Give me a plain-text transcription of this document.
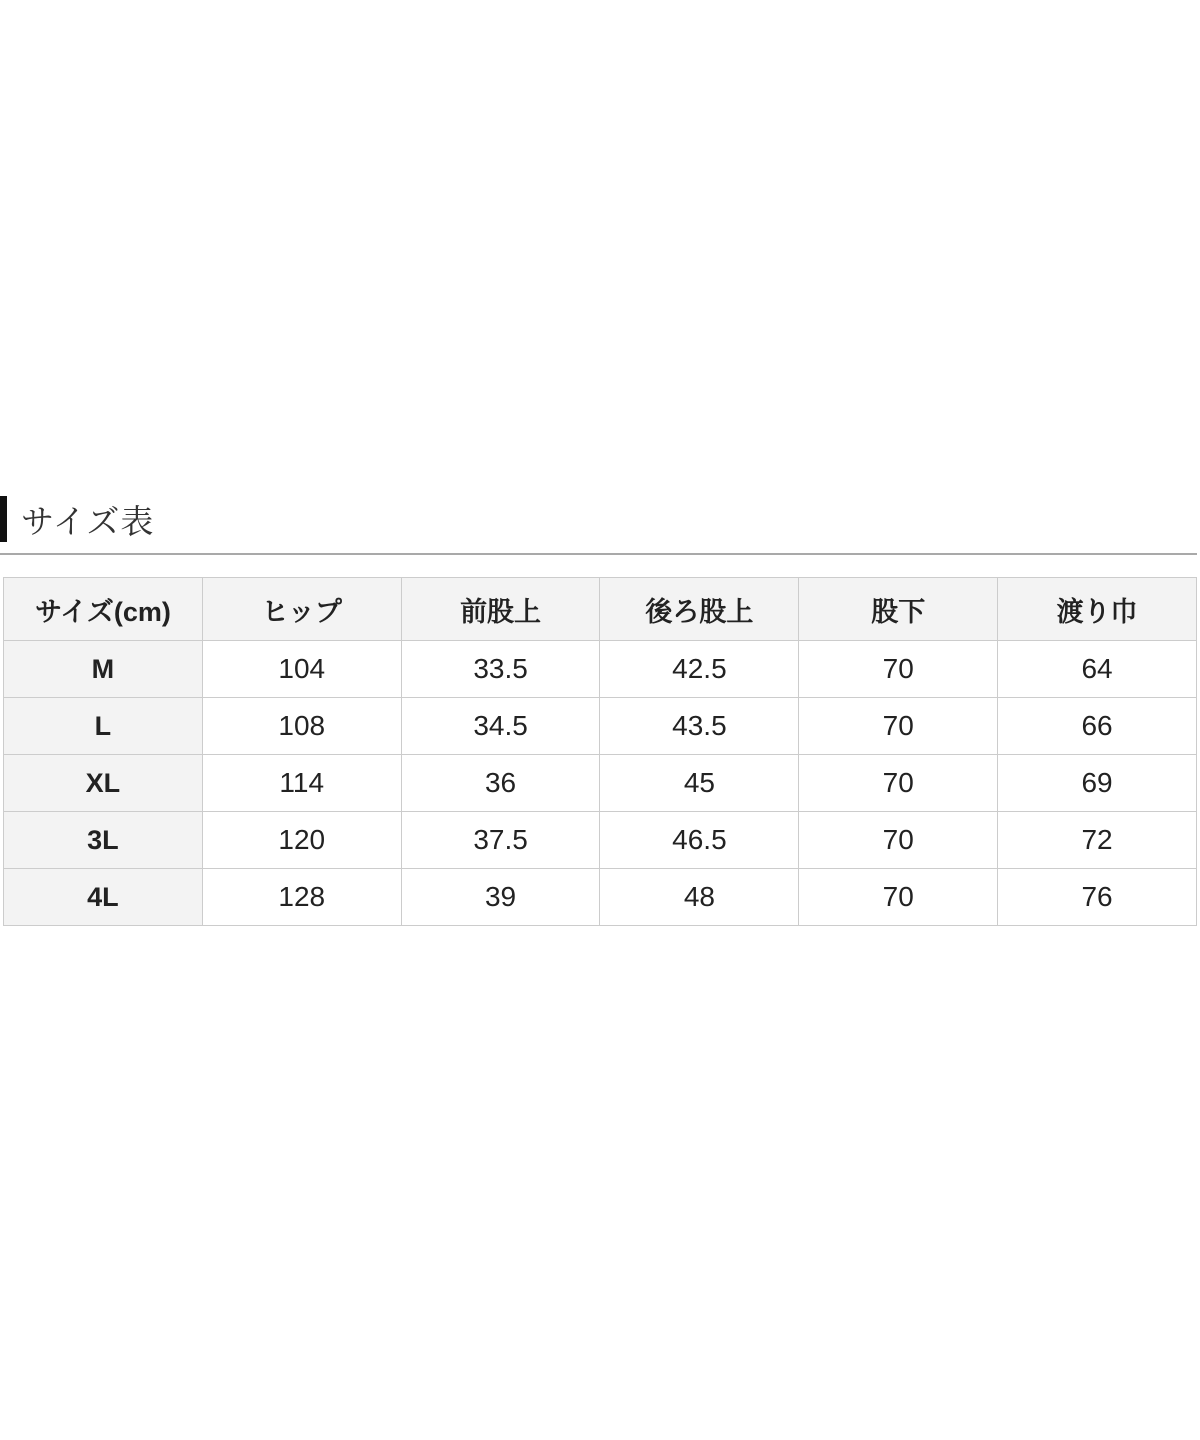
サイズ表
サイズ(cm)	ヒップ	前股上	後ろ股上	股下	渡り巾
M	104	33.5	42.5	70	64
L	108	34.5	43.5	70	66
XL	114	36	45	70	69
3L	120	37.5	46.5	70	72
4L	128	39	48	70	76
